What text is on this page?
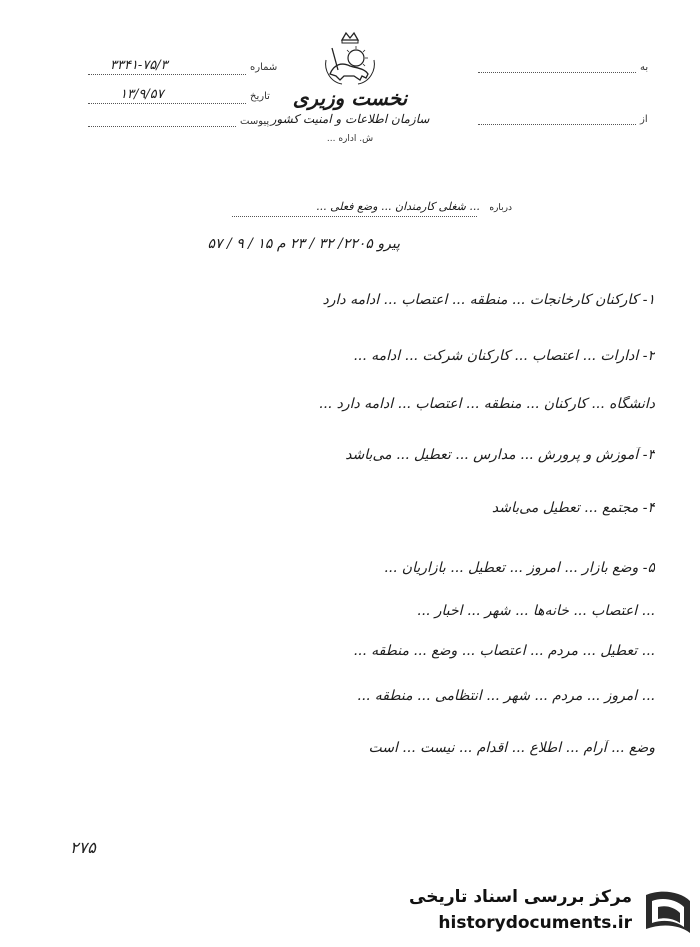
شماره
۳۳۴۱-۷۵/۳
تاریخ
۱۳/۹/۵۷
پیوست
به
از
نخست وزیری
سازمان اطلاعات و امنیت کشور
ش. اداره ...
درباره ... شغلی کارمندان ... وضع فعلی ...
پیرو ۲۲۰۵/ ۳۲ / ۲۳ م ۱۵ / ۹ / ۵۷
۱- کارکنان کارخانجات ... منطقه ... اعتصاب ... ادامه دارد
۲- ادارات ... اعتصاب ... کارکنان شرکت ... ادامه ...
دانشگاه ... کارکنان ... منطقه ... اعتصاب ... ادامه دارد ...
۳- آموزش و پرورش ... مدارس ... تعطیل ... می‌باشد
۴- مجتمع ... تعطیل می‌باشد
۵- وضع بازار ... امروز ... تعطیل ... بازاریان ...
... اعتصاب ... خانه‌ها ... شهر ... اخبار ...
... تعطیل ... مردم ... اعتصاب ... وضع ... منطقه ...
... امروز ... مردم ... شهر ... انتظامی ... منطقه ...
وضع ... آرام ... اطلاع ... اقدام ... نیست ... است
۲۷۵
مرکز بررسی اسناد تاریخی
historydocuments.ir
